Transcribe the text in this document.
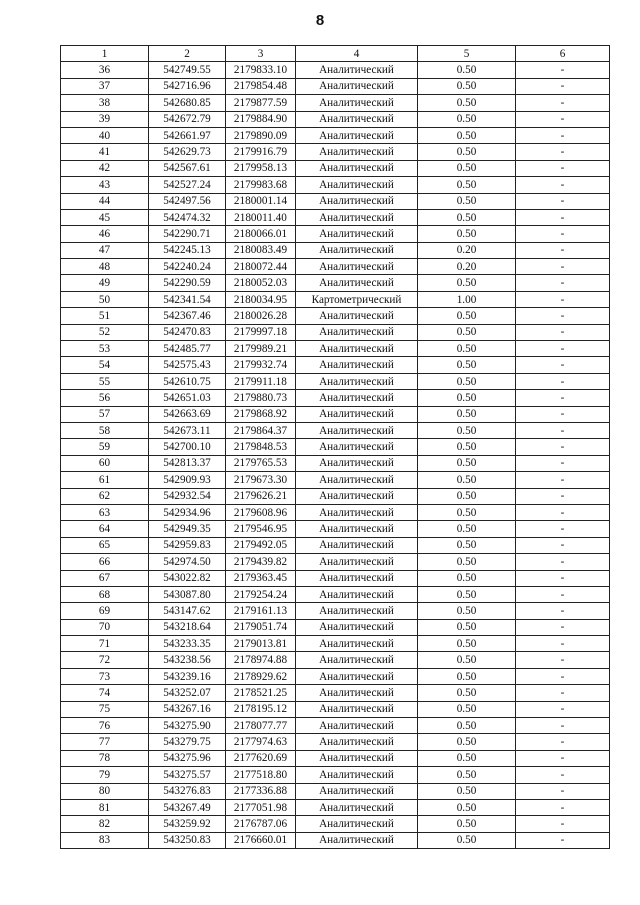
8
1	2	3	4	5	6
36	542749.55	2179833.10	Аналитический	0.50	-
37	542716.96	2179854.48	Аналитический	0.50	-
38	542680.85	2179877.59	Аналитический	0.50	-
39	542672.79	2179884.90	Аналитический	0.50	-
40	542661.97	2179890.09	Аналитический	0.50	-
41	542629.73	2179916.79	Аналитический	0.50	-
42	542567.61	2179958.13	Аналитический	0.50	-
43	542527.24	2179983.68	Аналитический	0.50	-
44	542497.56	2180001.14	Аналитический	0.50	-
45	542474.32	2180011.40	Аналитический	0.50	-
46	542290.71	2180066.01	Аналитический	0.50	-
47	542245.13	2180083.49	Аналитический	0.20	-
48	542240.24	2180072.44	Аналитический	0.20	-
49	542290.59	2180052.03	Аналитический	0.50	-
50	542341.54	2180034.95	Картометрический	1.00	-
51	542367.46	2180026.28	Аналитический	0.50	-
52	542470.83	2179997.18	Аналитический	0.50	-
53	542485.77	2179989.21	Аналитический	0.50	-
54	542575.43	2179932.74	Аналитический	0.50	-
55	542610.75	2179911.18	Аналитический	0.50	-
56	542651.03	2179880.73	Аналитический	0.50	-
57	542663.69	2179868.92	Аналитический	0.50	-
58	542673.11	2179864.37	Аналитический	0.50	-
59	542700.10	2179848.53	Аналитический	0.50	-
60	542813.37	2179765.53	Аналитический	0.50	-
61	542909.93	2179673.30	Аналитический	0.50	-
62	542932.54	2179626.21	Аналитический	0.50	-
63	542934.96	2179608.96	Аналитический	0.50	-
64	542949.35	2179546.95	Аналитический	0.50	-
65	542959.83	2179492.05	Аналитический	0.50	-
66	542974.50	2179439.82	Аналитический	0.50	-
67	543022.82	2179363.45	Аналитический	0.50	-
68	543087.80	2179254.24	Аналитический	0.50	-
69	543147.62	2179161.13	Аналитический	0.50	-
70	543218.64	2179051.74	Аналитический	0.50	-
71	543233.35	2179013.81	Аналитический	0.50	-
72	543238.56	2178974.88	Аналитический	0.50	-
73	543239.16	2178929.62	Аналитический	0.50	-
74	543252.07	2178521.25	Аналитический	0.50	-
75	543267.16	2178195.12	Аналитический	0.50	-
76	543275.90	2178077.77	Аналитический	0.50	-
77	543279.75	2177974.63	Аналитический	0.50	-
78	543275.96	2177620.69	Аналитический	0.50	-
79	543275.57	2177518.80	Аналитический	0.50	-
80	543276.83	2177336.88	Аналитический	0.50	-
81	543267.49	2177051.98	Аналитический	0.50	-
82	543259.92	2176787.06	Аналитический	0.50	-
83	543250.83	2176660.01	Аналитический	0.50	-
